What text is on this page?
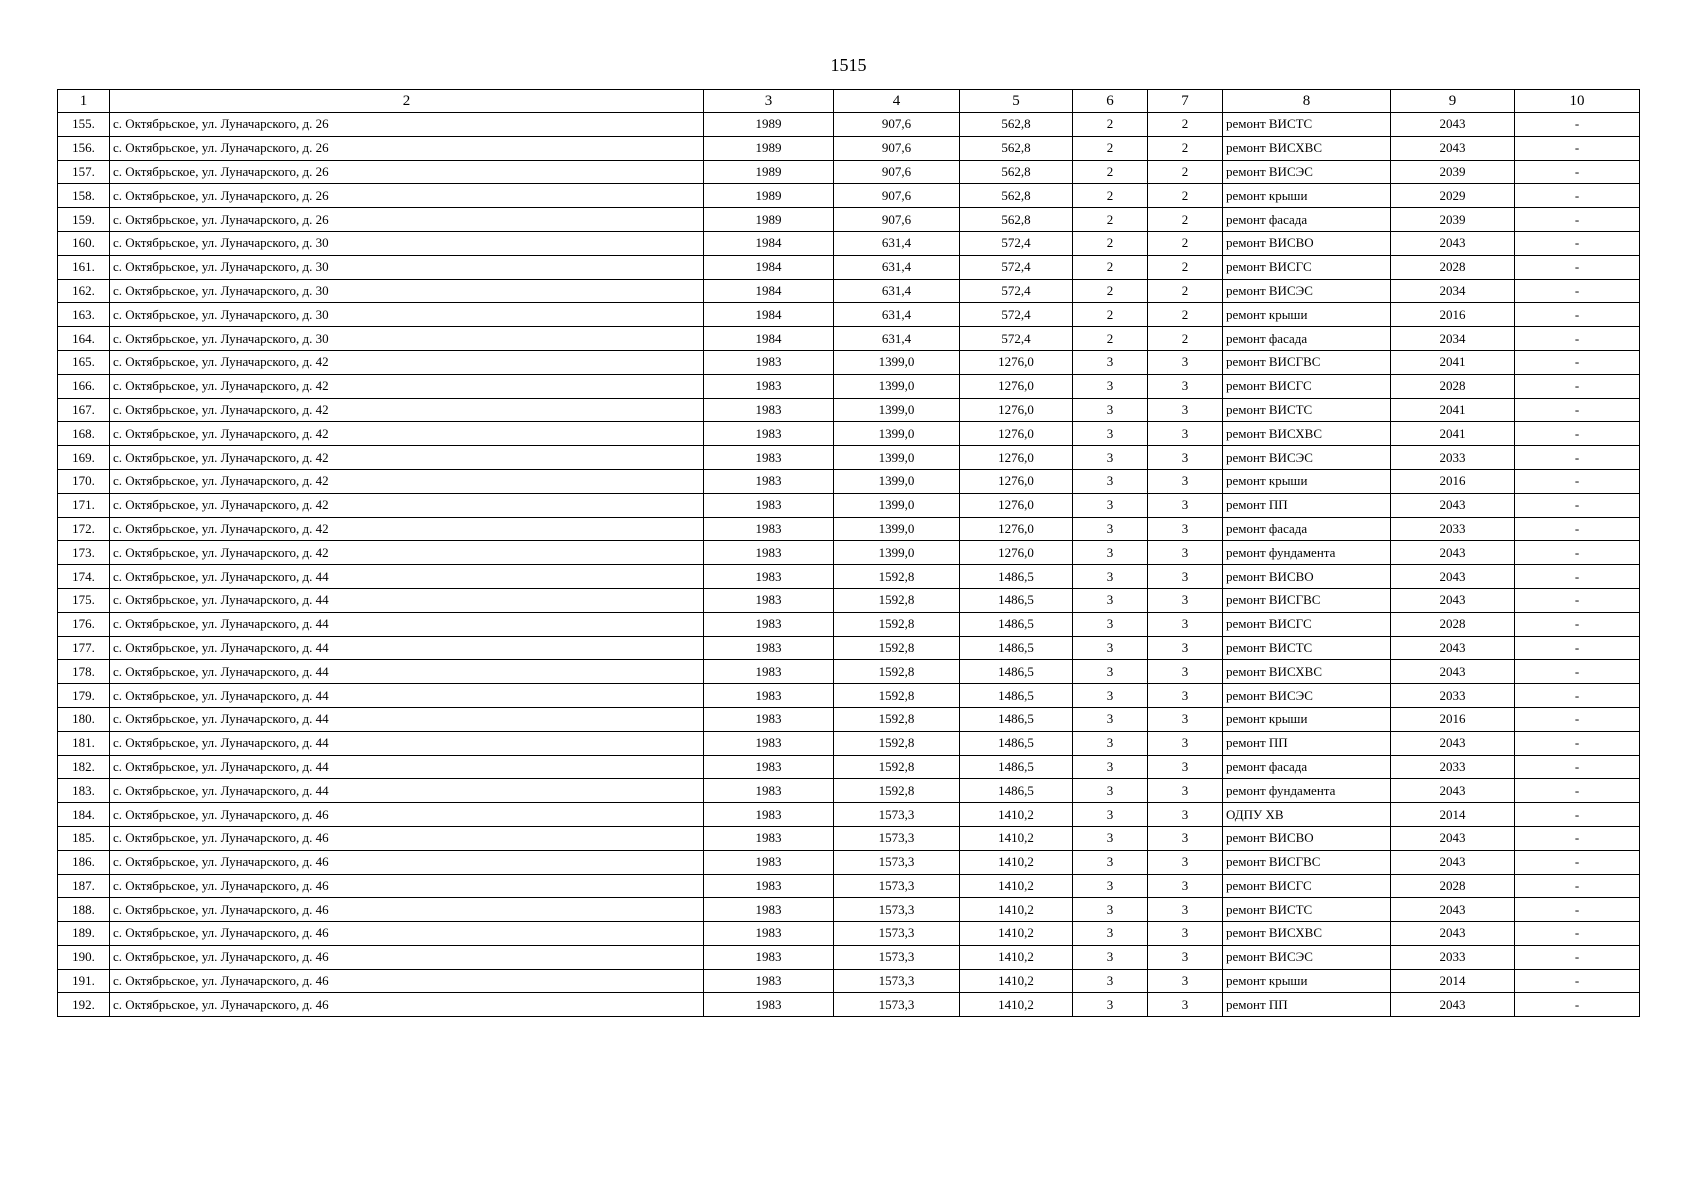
1515
1	2	3	4	5	6	7	8	9	10
155.	с. Октябрьское, ул. Луначарского, д. 26	1989	907,6	562,8	2	2	ремонт ВИСТС	2043	-
156.	с. Октябрьское, ул. Луначарского, д. 26	1989	907,6	562,8	2	2	ремонт ВИСХВС	2043	-
157.	с. Октябрьское, ул. Луначарского, д. 26	1989	907,6	562,8	2	2	ремонт ВИСЭС	2039	-
158.	с. Октябрьское, ул. Луначарского, д. 26	1989	907,6	562,8	2	2	ремонт крыши	2029	-
159.	с. Октябрьское, ул. Луначарского, д. 26	1989	907,6	562,8	2	2	ремонт фасада	2039	-
160.	с. Октябрьское, ул. Луначарского, д. 30	1984	631,4	572,4	2	2	ремонт ВИСВО	2043	-
161.	с. Октябрьское, ул. Луначарского, д. 30	1984	631,4	572,4	2	2	ремонт ВИСГС	2028	-
162.	с. Октябрьское, ул. Луначарского, д. 30	1984	631,4	572,4	2	2	ремонт ВИСЭС	2034	-
163.	с. Октябрьское, ул. Луначарского, д. 30	1984	631,4	572,4	2	2	ремонт крыши	2016	-
164.	с. Октябрьское, ул. Луначарского, д. 30	1984	631,4	572,4	2	2	ремонт фасада	2034	-
165.	с. Октябрьское, ул. Луначарского, д. 42	1983	1399,0	1276,0	3	3	ремонт ВИСГВС	2041	-
166.	с. Октябрьское, ул. Луначарского, д. 42	1983	1399,0	1276,0	3	3	ремонт ВИСГС	2028	-
167.	с. Октябрьское, ул. Луначарского, д. 42	1983	1399,0	1276,0	3	3	ремонт ВИСТС	2041	-
168.	с. Октябрьское, ул. Луначарского, д. 42	1983	1399,0	1276,0	3	3	ремонт ВИСХВС	2041	-
169.	с. Октябрьское, ул. Луначарского, д. 42	1983	1399,0	1276,0	3	3	ремонт ВИСЭС	2033	-
170.	с. Октябрьское, ул. Луначарского, д. 42	1983	1399,0	1276,0	3	3	ремонт крыши	2016	-
171.	с. Октябрьское, ул. Луначарского, д. 42	1983	1399,0	1276,0	3	3	ремонт ПП	2043	-
172.	с. Октябрьское, ул. Луначарского, д. 42	1983	1399,0	1276,0	3	3	ремонт фасада	2033	-
173.	с. Октябрьское, ул. Луначарского, д. 42	1983	1399,0	1276,0	3	3	ремонт фундамента	2043	-
174.	с. Октябрьское, ул. Луначарского, д. 44	1983	1592,8	1486,5	3	3	ремонт ВИСВО	2043	-
175.	с. Октябрьское, ул. Луначарского, д. 44	1983	1592,8	1486,5	3	3	ремонт ВИСГВС	2043	-
176.	с. Октябрьское, ул. Луначарского, д. 44	1983	1592,8	1486,5	3	3	ремонт ВИСГС	2028	-
177.	с. Октябрьское, ул. Луначарского, д. 44	1983	1592,8	1486,5	3	3	ремонт ВИСТС	2043	-
178.	с. Октябрьское, ул. Луначарского, д. 44	1983	1592,8	1486,5	3	3	ремонт ВИСХВС	2043	-
179.	с. Октябрьское, ул. Луначарского, д. 44	1983	1592,8	1486,5	3	3	ремонт ВИСЭС	2033	-
180.	с. Октябрьское, ул. Луначарского, д. 44	1983	1592,8	1486,5	3	3	ремонт крыши	2016	-
181.	с. Октябрьское, ул. Луначарского, д. 44	1983	1592,8	1486,5	3	3	ремонт ПП	2043	-
182.	с. Октябрьское, ул. Луначарского, д. 44	1983	1592,8	1486,5	3	3	ремонт фасада	2033	-
183.	с. Октябрьское, ул. Луначарского, д. 44	1983	1592,8	1486,5	3	3	ремонт фундамента	2043	-
184.	с. Октябрьское, ул. Луначарского, д. 46	1983	1573,3	1410,2	3	3	ОДПУ ХВ	2014	-
185.	с. Октябрьское, ул. Луначарского, д. 46	1983	1573,3	1410,2	3	3	ремонт ВИСВО	2043	-
186.	с. Октябрьское, ул. Луначарского, д. 46	1983	1573,3	1410,2	3	3	ремонт ВИСГВС	2043	-
187.	с. Октябрьское, ул. Луначарского, д. 46	1983	1573,3	1410,2	3	3	ремонт ВИСГС	2028	-
188.	с. Октябрьское, ул. Луначарского, д. 46	1983	1573,3	1410,2	3	3	ремонт ВИСТС	2043	-
189.	с. Октябрьское, ул. Луначарского, д. 46	1983	1573,3	1410,2	3	3	ремонт ВИСХВС	2043	-
190.	с. Октябрьское, ул. Луначарского, д. 46	1983	1573,3	1410,2	3	3	ремонт ВИСЭС	2033	-
191.	с. Октябрьское, ул. Луначарского, д. 46	1983	1573,3	1410,2	3	3	ремонт крыши	2014	-
192.	с. Октябрьское, ул. Луначарского, д. 46	1983	1573,3	1410,2	3	3	ремонт ПП	2043	-
